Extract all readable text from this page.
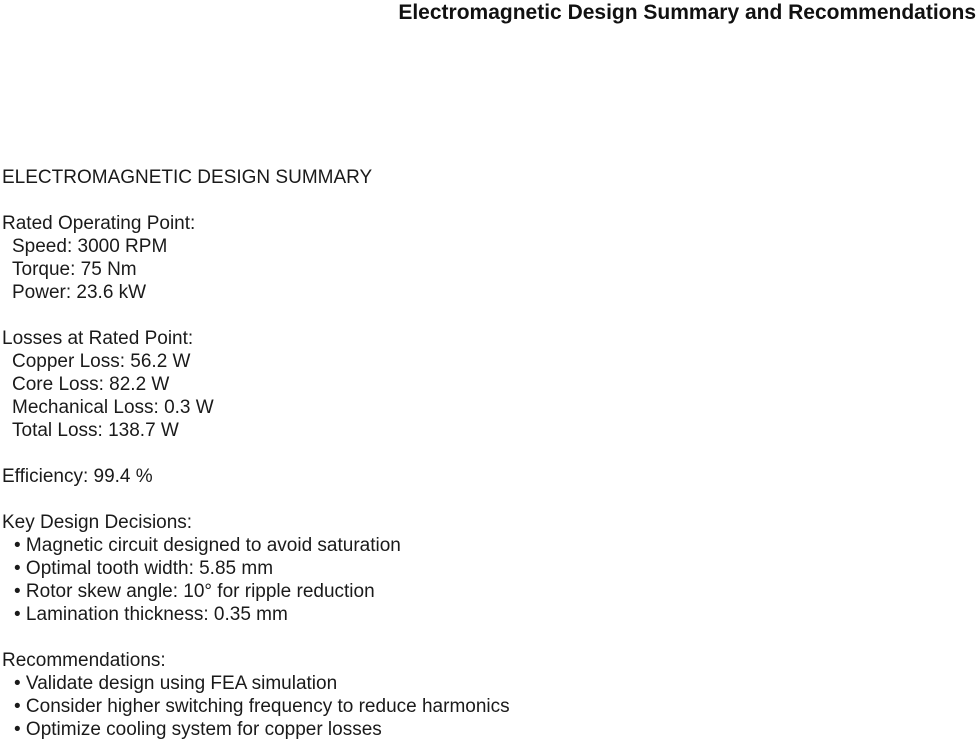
Electromagnetic Design Summary and Recommendations
ELECTROMAGNETIC DESIGN SUMMARY
Rated Operating Point:
Speed: 3000 RPM
Torque: 75 Nm
Power: 23.6 kW
Losses at Rated Point:
Copper Loss: 56.2 W
Core Loss: 82.2 W
Mechanical Loss: 0.3 W
Total Loss: 138.7 W
Efficiency: 99.4 %
Key Design Decisions:
• Magnetic circuit designed to avoid saturation
• Optimal tooth width: 5.85 mm
• Rotor skew angle: 10° for ripple reduction
• Lamination thickness: 0.35 mm
Recommendations:
• Validate design using FEA simulation
• Consider higher switching frequency to reduce harmonics
• Optimize cooling system for copper losses
